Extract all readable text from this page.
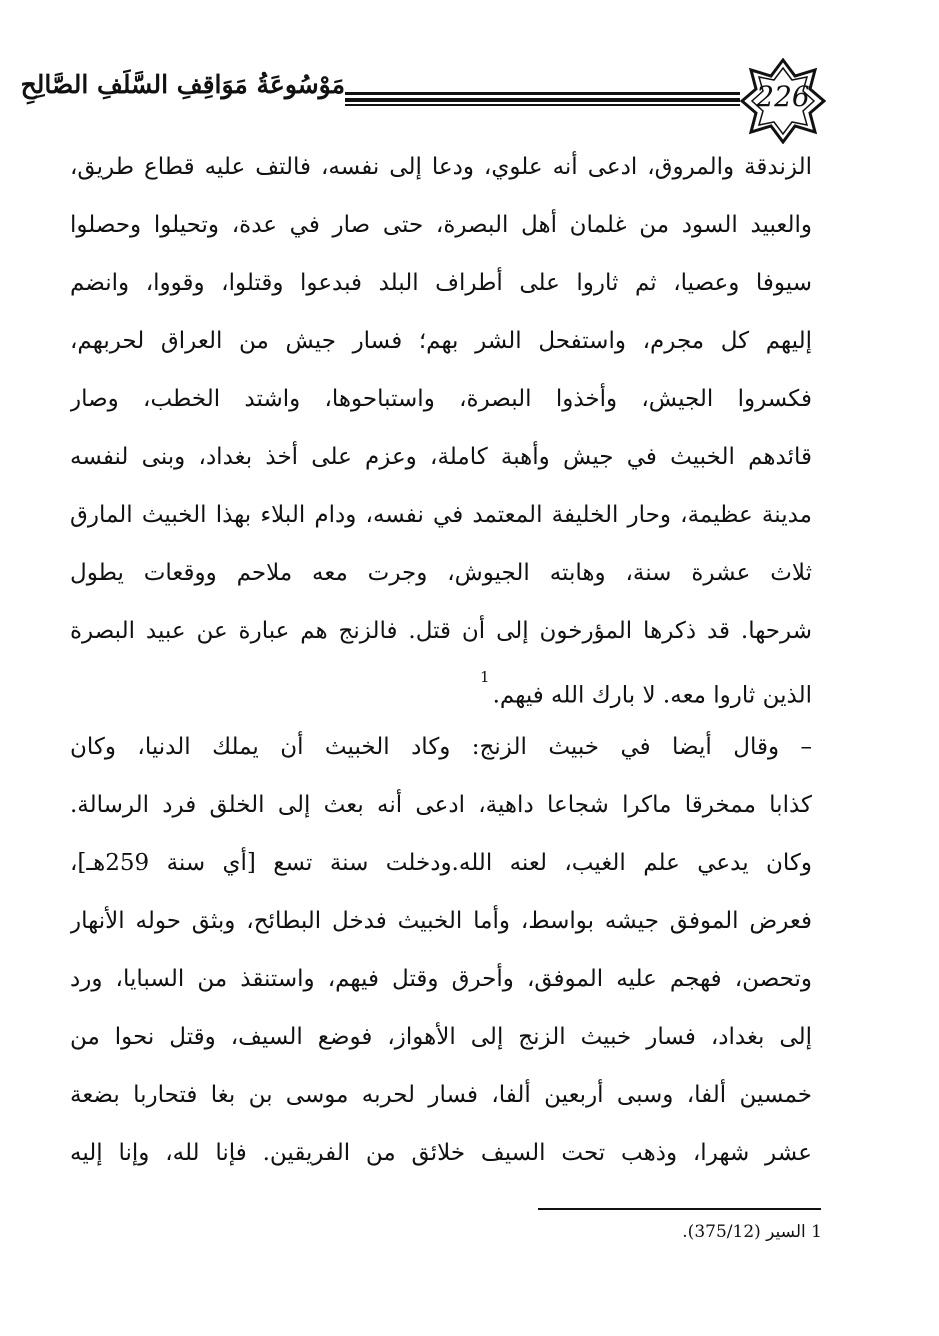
مَوْسُوعَةُ مَوَاقِفِ السَّلَفِ الصَّالِحِ	226
الزندقة والمروق، ادعى أنه علوي، ودعا إلى نفسه، فالتف عليه قطاع طريق،
والعبيد السود من غلمان أهل البصرة، حتى صار في عدة، وتحيلوا وحصلوا
سيوفا وعصيا، ثم ثاروا على أطراف البلد فبدعوا وقتلوا، وقووا، وانضم
إليهم كل مجرم، واستفحل الشر بهم؛ فسار جيش من العراق لحربهم،
فكسروا الجيش، وأخذوا البصرة، واستباحوها، واشتد الخطب، وصار
قائدهم الخبيث في جيش وأهبة كاملة، وعزم على أخذ بغداد، وبنى لنفسه
مدينة عظيمة، وحار الخليفة المعتمد في نفسه، ودام البلاء بهذا الخبيث المارق
ثلاث عشرة سنة، وهابته الجيوش، وجرت معه ملاحم ووقعات يطول
شرحها. قد ذكرها المؤرخون إلى أن قتل. فالزنج هم عبارة عن عبيد البصرة
الذين ثاروا معه. لا بارك الله فيهم.$^1$
– وقال أيضا في خبيث الزنج: وكاد الخبيث أن يملك الدنيا، وكان
كذابا ممخرقا ماكرا شجاعا داهية، ادعى أنه بعث إلى الخلق فرد الرسالة.
وكان يدعي علم الغيب، لعنه الله.ودخلت سنة تسع [أي سنة 259هـ]،
فعرض الموفق جيشه بواسط، وأما الخبيث فدخل البطائح، وبثق حوله الأنهار
وتحصن، فهجم عليه الموفق، وأحرق وقتل فيهم، واستنقذ من السبايا، ورد
إلى بغداد، فسار خبيث الزنج إلى الأهواز، فوضع السيف، وقتل نحوا من
خمسين ألفا، وسبى أربعين ألفا، فسار لحربه موسى بن بغا فتحاربا بضعة
عشر شهرا، وذهب تحت السيف خلائق من الفريقين. فإنا لله، وإنا إليه
1 السير (375/12).
